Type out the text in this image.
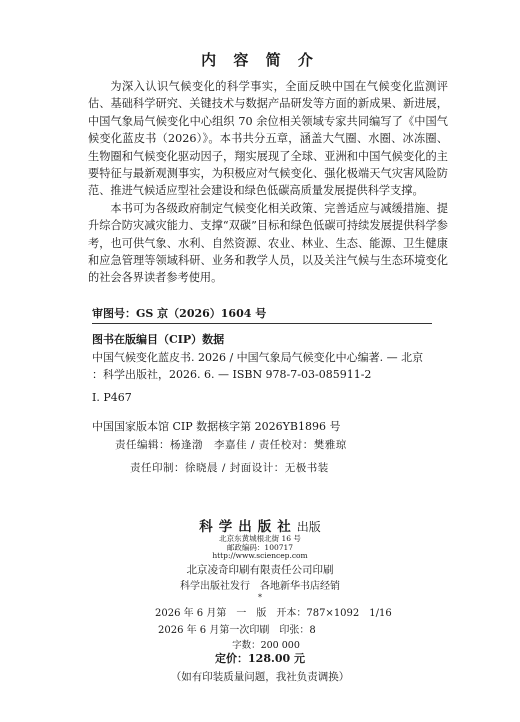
内 容 简 介

为深入认识气候变化的科学事实，全面反映中国在气候变化监测评估、基础科学研究、关键技术与数据产品研发等方面的新成果、新进展，中国气象局气候变化中心组织 70 余位相关领域专家共同编写了《中国气候变化蓝皮书（2026）》。本书共分五章，涵盖大气圈、水圈、冰冻圈、生物圈和气候变化驱动因子，翔实展现了全球、亚洲和中国气候变化的主要特征与最新观测事实，为积极应对气候变化、强化极端天气灾害风险防范、推进气候适应型社会建设和绿色低碳高质量发展提供科学支撑。

本书可为各级政府制定气候变化相关政策、完善适应与减缓措施、提升综合防灾减灾能力、支撑“双碳”目标和绿色低碳可持续发展提供科学参考，也可供气象、水利、自然资源、农业、林业、生态、能源、卫生健康和应急管理等领域科研、业务和教学人员，以及关注气候与生态环境变化的社会各界读者参考使用。

审图号：GS 京（2026）1604 号
图书在版编目（CIP）数据
中国气候变化蓝皮书. 2026 / 中国气象局气候变化中心编著. — 北京 ：科学出版社，2026. 6. — ISBN 978-7-03-085911-2
Ⅰ. P467
中国国家版本馆 CIP 数据核字第 2026YB1896 号
责任编辑：杨逢渤　李嘉佳 / 责任校对：樊雅琼
责任印制：徐晓晨 / 封面设计：无极书装
科学出版社出版
北京东黄城根北街 16 号
邮政编码：100717
http://www.sciencep.com
北京凌奇印刷有限责任公司印刷
科学出版社发行　各地新华书店经销
*
2026 年 6 月第　一　版　开本：787×1092　1/16
2026 年 6 月第一次印刷　印张：8
字数：200 000
定价：128.00 元
（如有印装质量问题，我社负责调换）
